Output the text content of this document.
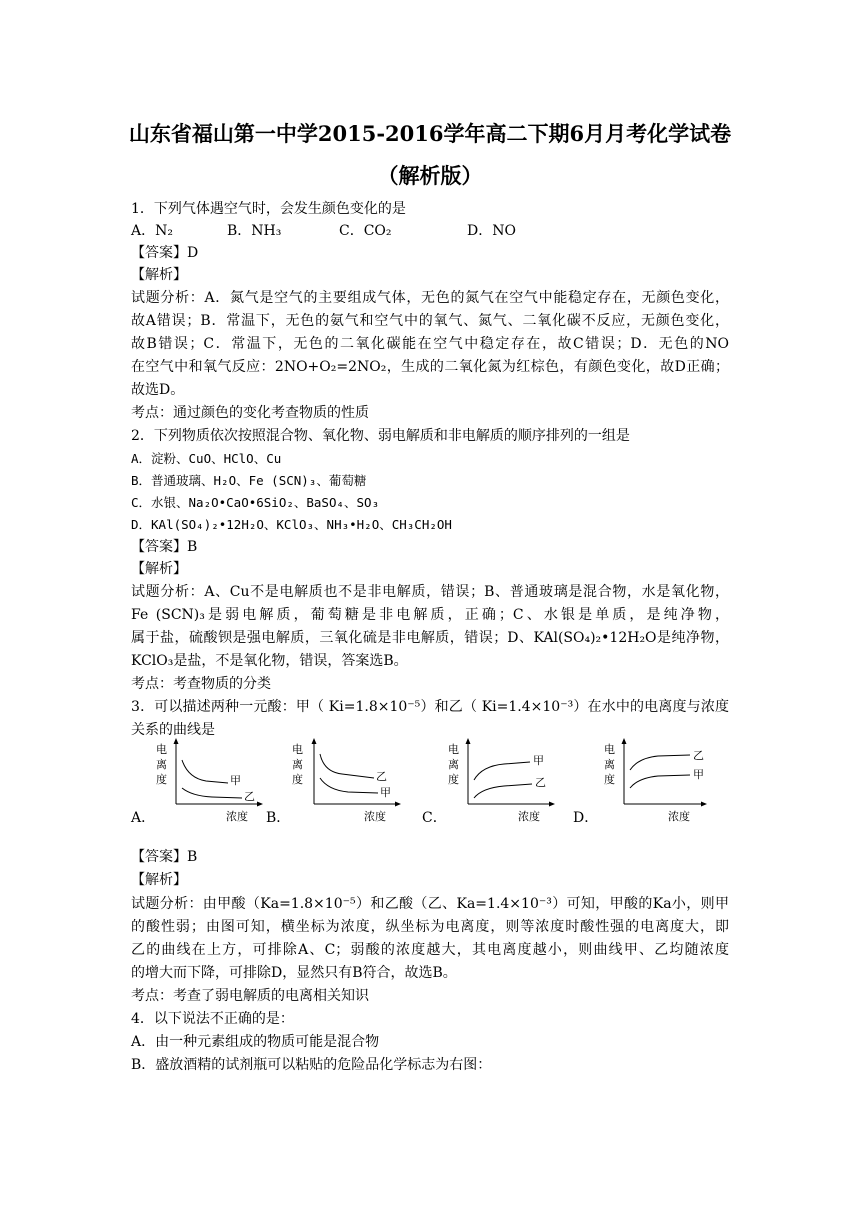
山东省福山第一中学2015-2016学年高二下期6月月考化学试卷
（解析版）
1．下列气体遇空气时，会发生颜色变化的是
A．N₂	B．NH₃	C．CO₂	D．NO
【答案】D
【解析】
试题分析：A．氮气是空气的主要组成气体，无色的氮气在空气中能稳定存在，无颜色变化，
故A错误；B．常温下，无色的氨气和空气中的氧气、氮气、二氧化碳不反应，无颜色变化，
故B错误；C．常温下，无色的二氧化碳能在空气中稳定存在，故C错误；D．无色的NO
在空气中和氧气反应：2NO+O₂=2NO₂，生成的二氧化氮为红棕色，有颜色变化，故D正确；
故选D。
考点：通过颜色的变化考查物质的性质
2．下列物质依次按照混合物、氧化物、弱电解质和非电解质的顺序排列的一组是
A．淀粉、CuO、HClO、Cu
B．普通玻璃、H₂O、Fe (SCN)₃、葡萄糖
C．水银、Na₂O•CaO•6SiO₂、BaSO₄、SO₃
D．KAl(SO₄)₂•12H₂O、KClO₃、NH₃•H₂O、CH₃CH₂OH
【答案】B
【解析】
试题分析：A、Cu不是电解质也不是非电解质，错误；B、普通玻璃是混合物，水是氧化物，
Fe (SCN)₃是弱电解质，葡萄糖是非电解质，正确；C、水银是单质，是纯净物，
属于盐，硫酸钡是强电解质，三氧化硫是非电解质，错误；D、KAl(SO₄)₂•12H₂O是纯净物，
KClO₃是盐，不是氧化物，错误，答案选B。
考点：考查物质的分类
3．可以描述两种一元酸：甲（ Ki=1.8×10⁻⁵）和乙（ Ki=1.4×10⁻³）在水中的电离度与浓度
关系的曲线是
A．	B．	C．	D．
电
离
度	甲
乙
浓度
电
离
度	乙
甲
浓度
电
离
度
甲
乙
浓度
电
离
度
乙
甲
浓度
【答案】B
【解析】
试题分析：由甲酸（Ka=1.8×10⁻⁵）和乙酸（乙、Ka=1.4×10⁻³）可知，甲酸的Ka小，则甲
的酸性弱；由图可知，横坐标为浓度，纵坐标为电离度，则等浓度时酸性强的电离度大，即
乙的曲线在上方，可排除A、C；弱酸的浓度越大，其电离度越小，则曲线甲、乙均随浓度
的增大而下降，可排除D，显然只有B符合，故选B。
考点：考查了弱电解质的电离相关知识
4．以下说法不正确的是：
A．由一种元素组成的物质可能是混合物
B．盛放酒精的试剂瓶可以粘贴的危险品化学标志为右图：
